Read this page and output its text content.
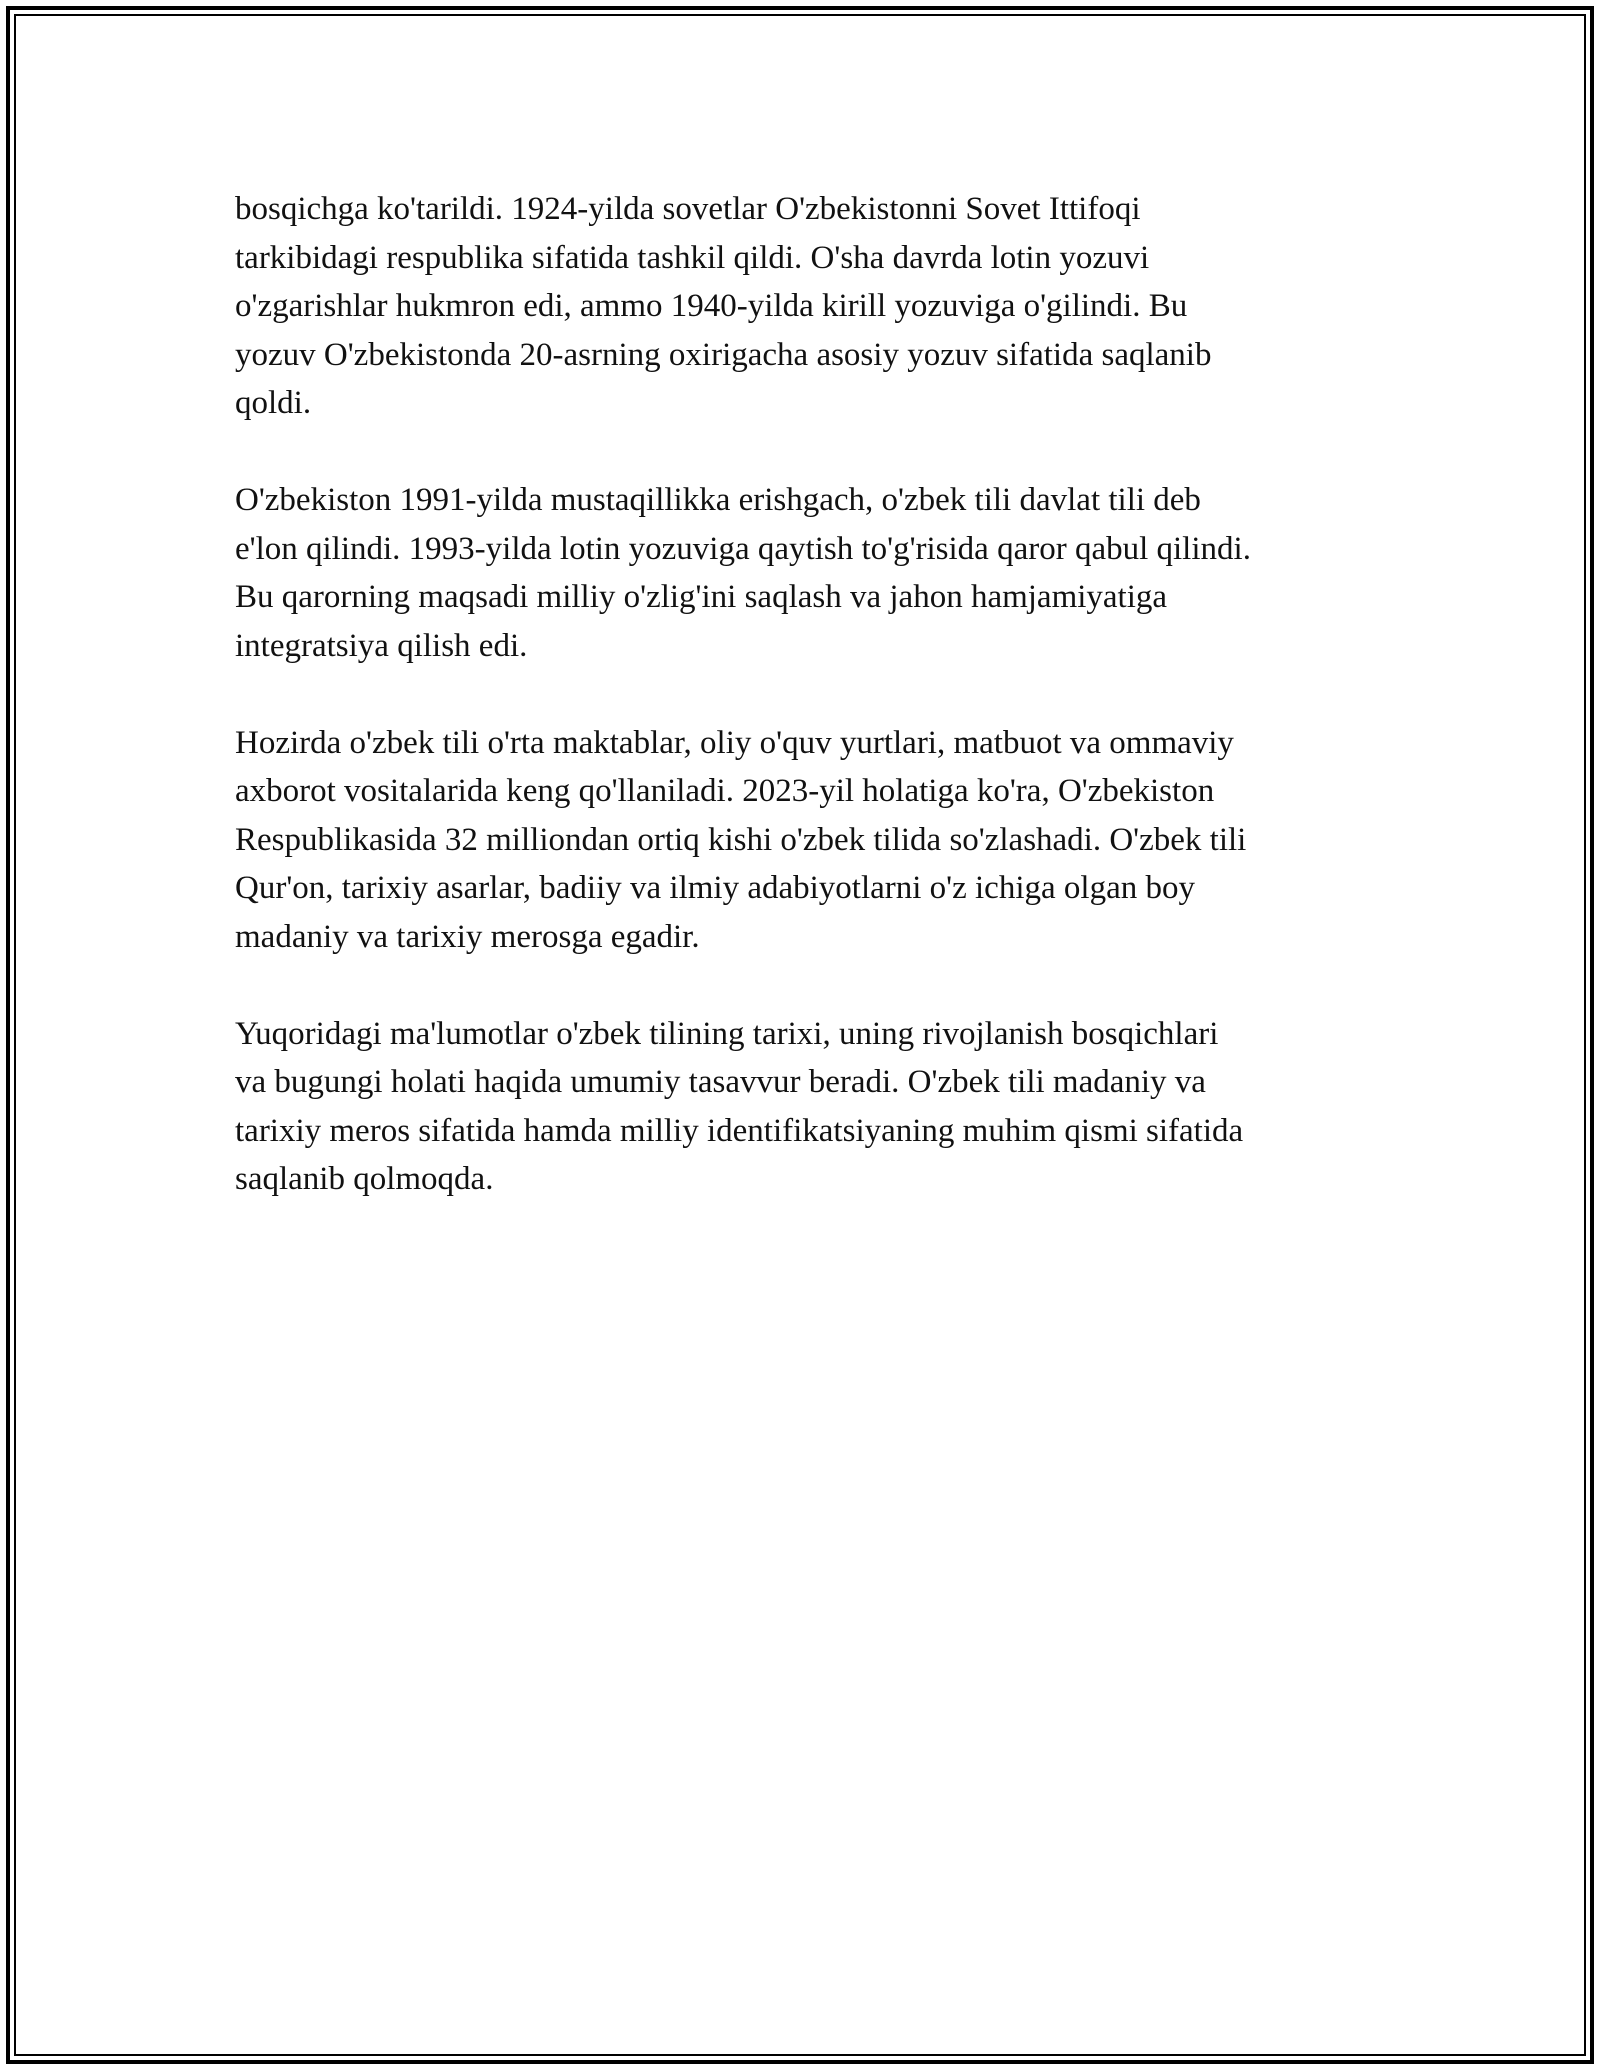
bosqichga ko'tarildi. 1924-yilda sovetlar O'zbekistonni Sovet Ittifoqi
tarkibidagi respublika sifatida tashkil qildi. O'sha davrda lotin yozuvi
o'zgarishlar hukmron edi, ammo 1940-yilda kirill yozuviga o'gilindi. Bu
yozuv O'zbekistonda 20-asrning oxirigacha asosiy yozuv sifatida saqlanib
qoldi.

O'zbekiston 1991-yilda mustaqillikka erishgach, o'zbek tili davlat tili deb
e'lon qilindi. 1993-yilda lotin yozuviga qaytish to'g'risida qaror qabul qilindi.
Bu qarorning maqsadi milliy o'zlig'ini saqlash va jahon hamjamiyatiga
integratsiya qilish edi.

Hozirda o'zbek tili o'rta maktablar, oliy o'quv yurtlari, matbuot va ommaviy
axborot vositalarida keng qo'llaniladi. 2023-yil holatiga ko'ra, O'zbekiston
Respublikasida 32 milliondan ortiq kishi o'zbek tilida so'zlashadi. O'zbek tili
Qur'on, tarixiy asarlar, badiiy va ilmiy adabiyotlarni o'z ichiga olgan boy
madaniy va tarixiy merosga egadir.

Yuqoridagi ma'lumotlar o'zbek tilining tarixi, uning rivojlanish bosqichlari
va bugungi holati haqida umumiy tasavvur beradi. O'zbek tili madaniy va
tarixiy meros sifatida hamda milliy identifikatsiyaning muhim qismi sifatida
saqlanib qolmoqda.
